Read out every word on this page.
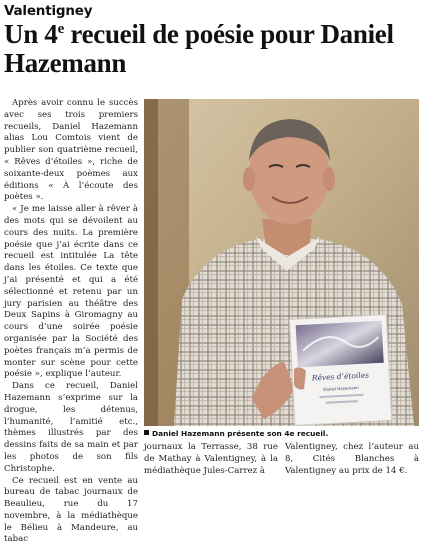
Valentigney
Un 4e recueil de poésie pour Daniel Hazemann

Après avoir connu le succès avec ses trois premiers recueils, Daniel Hazemann alias Lou Comtois vient de publier son quatrième recueil, « Rêves d’étoiles », riche de soixante-deux poèmes aux éditions « À l’écoute des poètes ».

« Je me laisse aller à rêver à des mots qui se dévoilent au cours des nuits. La première poésie que j’ai écrite dans ce recueil est intitulée La tête dans les étoiles. Ce texte que j’ai présenté et qui a été sélectionné et retenu par un jury parisien au théâtre des Deux Sapins à Giromagny au cours d’une soirée poésie organisée par la Société des poètes français m’a permis de monter sur scène pour cette poésie », explique l’auteur.

Dans ce recueil, Daniel Hazemann s’exprime sur la drogue, les détenus, l’humanité, l’amitié etc., thèmes illustrés par des dessins faits de sa main et par les photos de son fils Christophe.

Ce recueil est en vente au bureau de tabac journaux de Beaulieu, rue du 17 novembre, à la médiathèque le Bélieu à Mandeure, au tabac

Rêves d’étoiles
Daniel Hazemann
Daniel Hazemann présente son 4e recueil.
journaux la Terrasse, 38 rue de Mathay à Valentigney, à la médiathèque Jules-Carrez à
Valentigney, chez l’auteur au 8, Cités Blanches à Valentigney au prix de 14 €.
